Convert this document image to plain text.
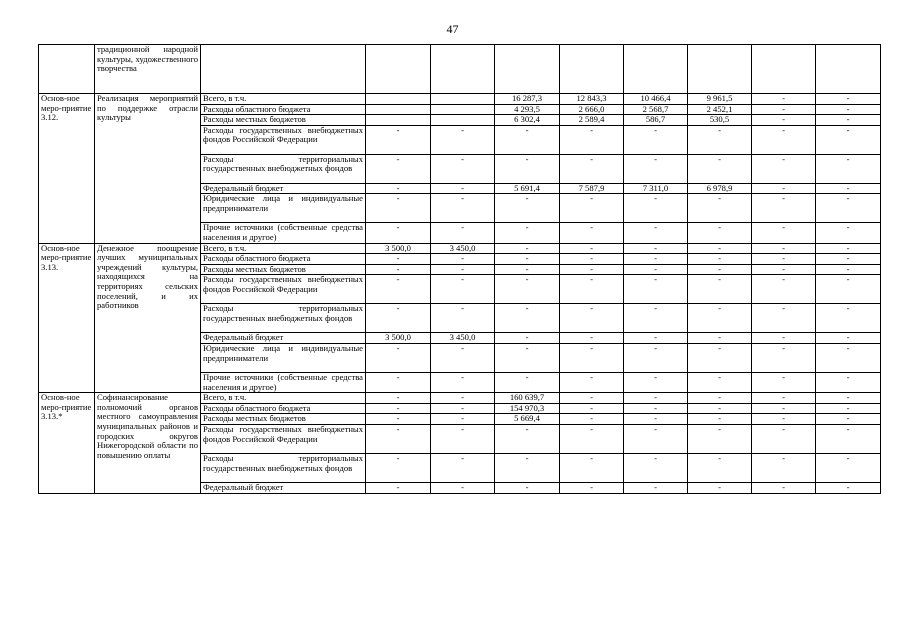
47
	традиционной народной культуры, художественного творчества									
Основ-ное меро-приятие 3.12.	Реализация мероприятий по поддержке отрасли культуры	Всего, в т.ч.			16 287,3	12 843,3	10 466,4	9 961,5	-	-
		Расходы областного бюджета			4 293,5	2 666,0	2 568,7	2 452,1	-	-
		Расходы местных бюджетов			6 302,4	2 589,4	586,7	530,5	-	-
		Расходы государственных внебюджетных фондов Российской Федерации	-	-	-	-	-	-	-	-
		Расходы территориальных государственных внебюджетных фондов	-	-	-	-	-	-	-	-
		Федеральный бюджет	-	-	5 691,4	7 587,9	7 311,0	6 978,9	-	-
		Юридические лица и индивидуальные предприниматели	-	-	-	-	-	-	-	-
		Прочие источники (собственные средства населения и другое)	-	-	-	-	-	-	-	-
Основ-ное меро-приятие 3.13.	Денежное поощрение лучших муниципальных учреждений культуры, находящихся на территориях сельских поселений, и их работников	Всего, в т.ч.	3 500,0	3 450,0	-	-	-	-	-	-
		Расходы областного бюджета	-	-	-	-	-	-	-	-
		Расходы местных бюджетов	-	-	-	-	-	-	-	-
		Расходы государственных внебюджетных фондов Российской Федерации	-	-	-	-	-	-	-	-
		Расходы территориальных государственных внебюджетных фондов	-	-	-	-	-	-	-	-
		Федеральный бюджет	3 500,0	3 450,0	-	-	-	-	-	-
		Юридические лица и индивидуальные предприниматели	-	-	-	-	-	-	-	-
		Прочие источники (собственные средства населения и другое)	-	-	-	-	-	-	-	-
Основ-ное меро-приятие 3.13.*	Софинансирование полномочий органов местного самоуправления муниципальных районов и городских округов Нижегородской области по повышению оплаты	Всего, в т.ч.	-	-	160 639,7	-	-	-	-	-
		Расходы областного бюджета	-	-	154 970,3	-	-	-	-	-
		Расходы местных бюджетов	-	-	5 669,4	-	-	-	-	-
		Расходы государственных внебюджетных фондов Российской Федерации	-	-	-	-	-	-	-	-
		Расходы территориальных государственных внебюджетных фондов	-	-	-	-	-	-	-	-
		Федеральный бюджет	-	-	-	-	-	-	-	-
